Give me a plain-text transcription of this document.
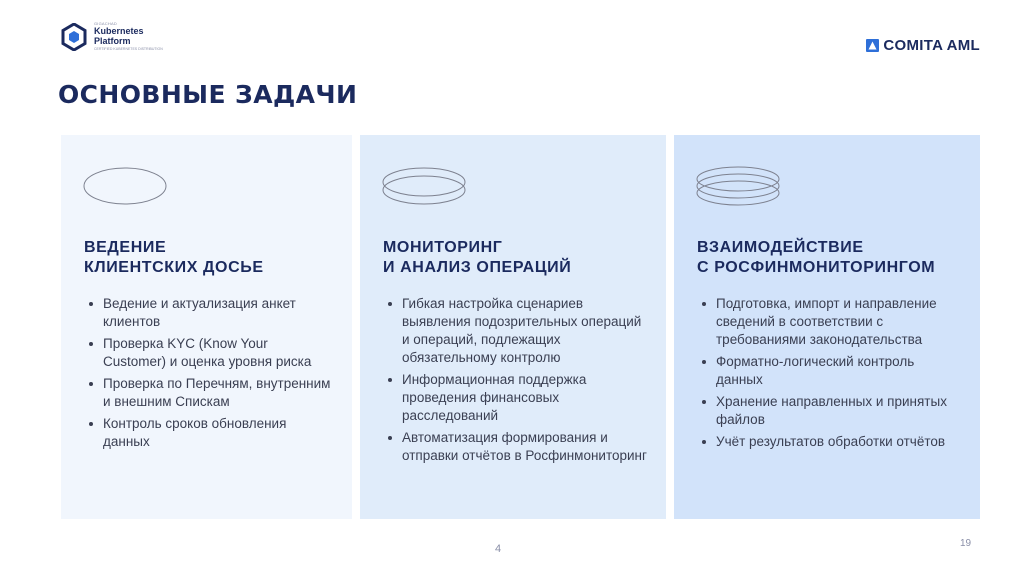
GIGACHAD
Kubernetes
Platform
CERTIFIED KUBERNETES DISTRIBUTION	COMITA AML
ОСНОВНЫЕ ЗАДАЧИ
ВЕДЕНИЕ
КЛИЕНТСКИХ ДОСЬЕ
Ведение и актуализация анкет клиентов
Проверка KYC (Know Your Customer) и оценка уровня риска
Проверка по Перечням, внутренним и внешним Спискам
Контроль сроков обновления данных
МОНИТОРИНГ
И АНАЛИЗ ОПЕРАЦИЙ
Гибкая настройка сценариев выявления подозрительных операций и операций, подлежащих обязательному контролю
Информационная поддержка проведения финансовых расследований
Автоматизация формирования и отправки отчётов в Росфинмониторинг
ВЗАИМОДЕЙСТВИЕ
С РОСФИНМОНИТОРИНГОМ
Подготовка, импорт и направление сведений в соответствии с требованиями законодательства
Форматно-логический контроль данных
Хранение направленных и принятых файлов
Учёт результатов обработки отчётов
4	19
